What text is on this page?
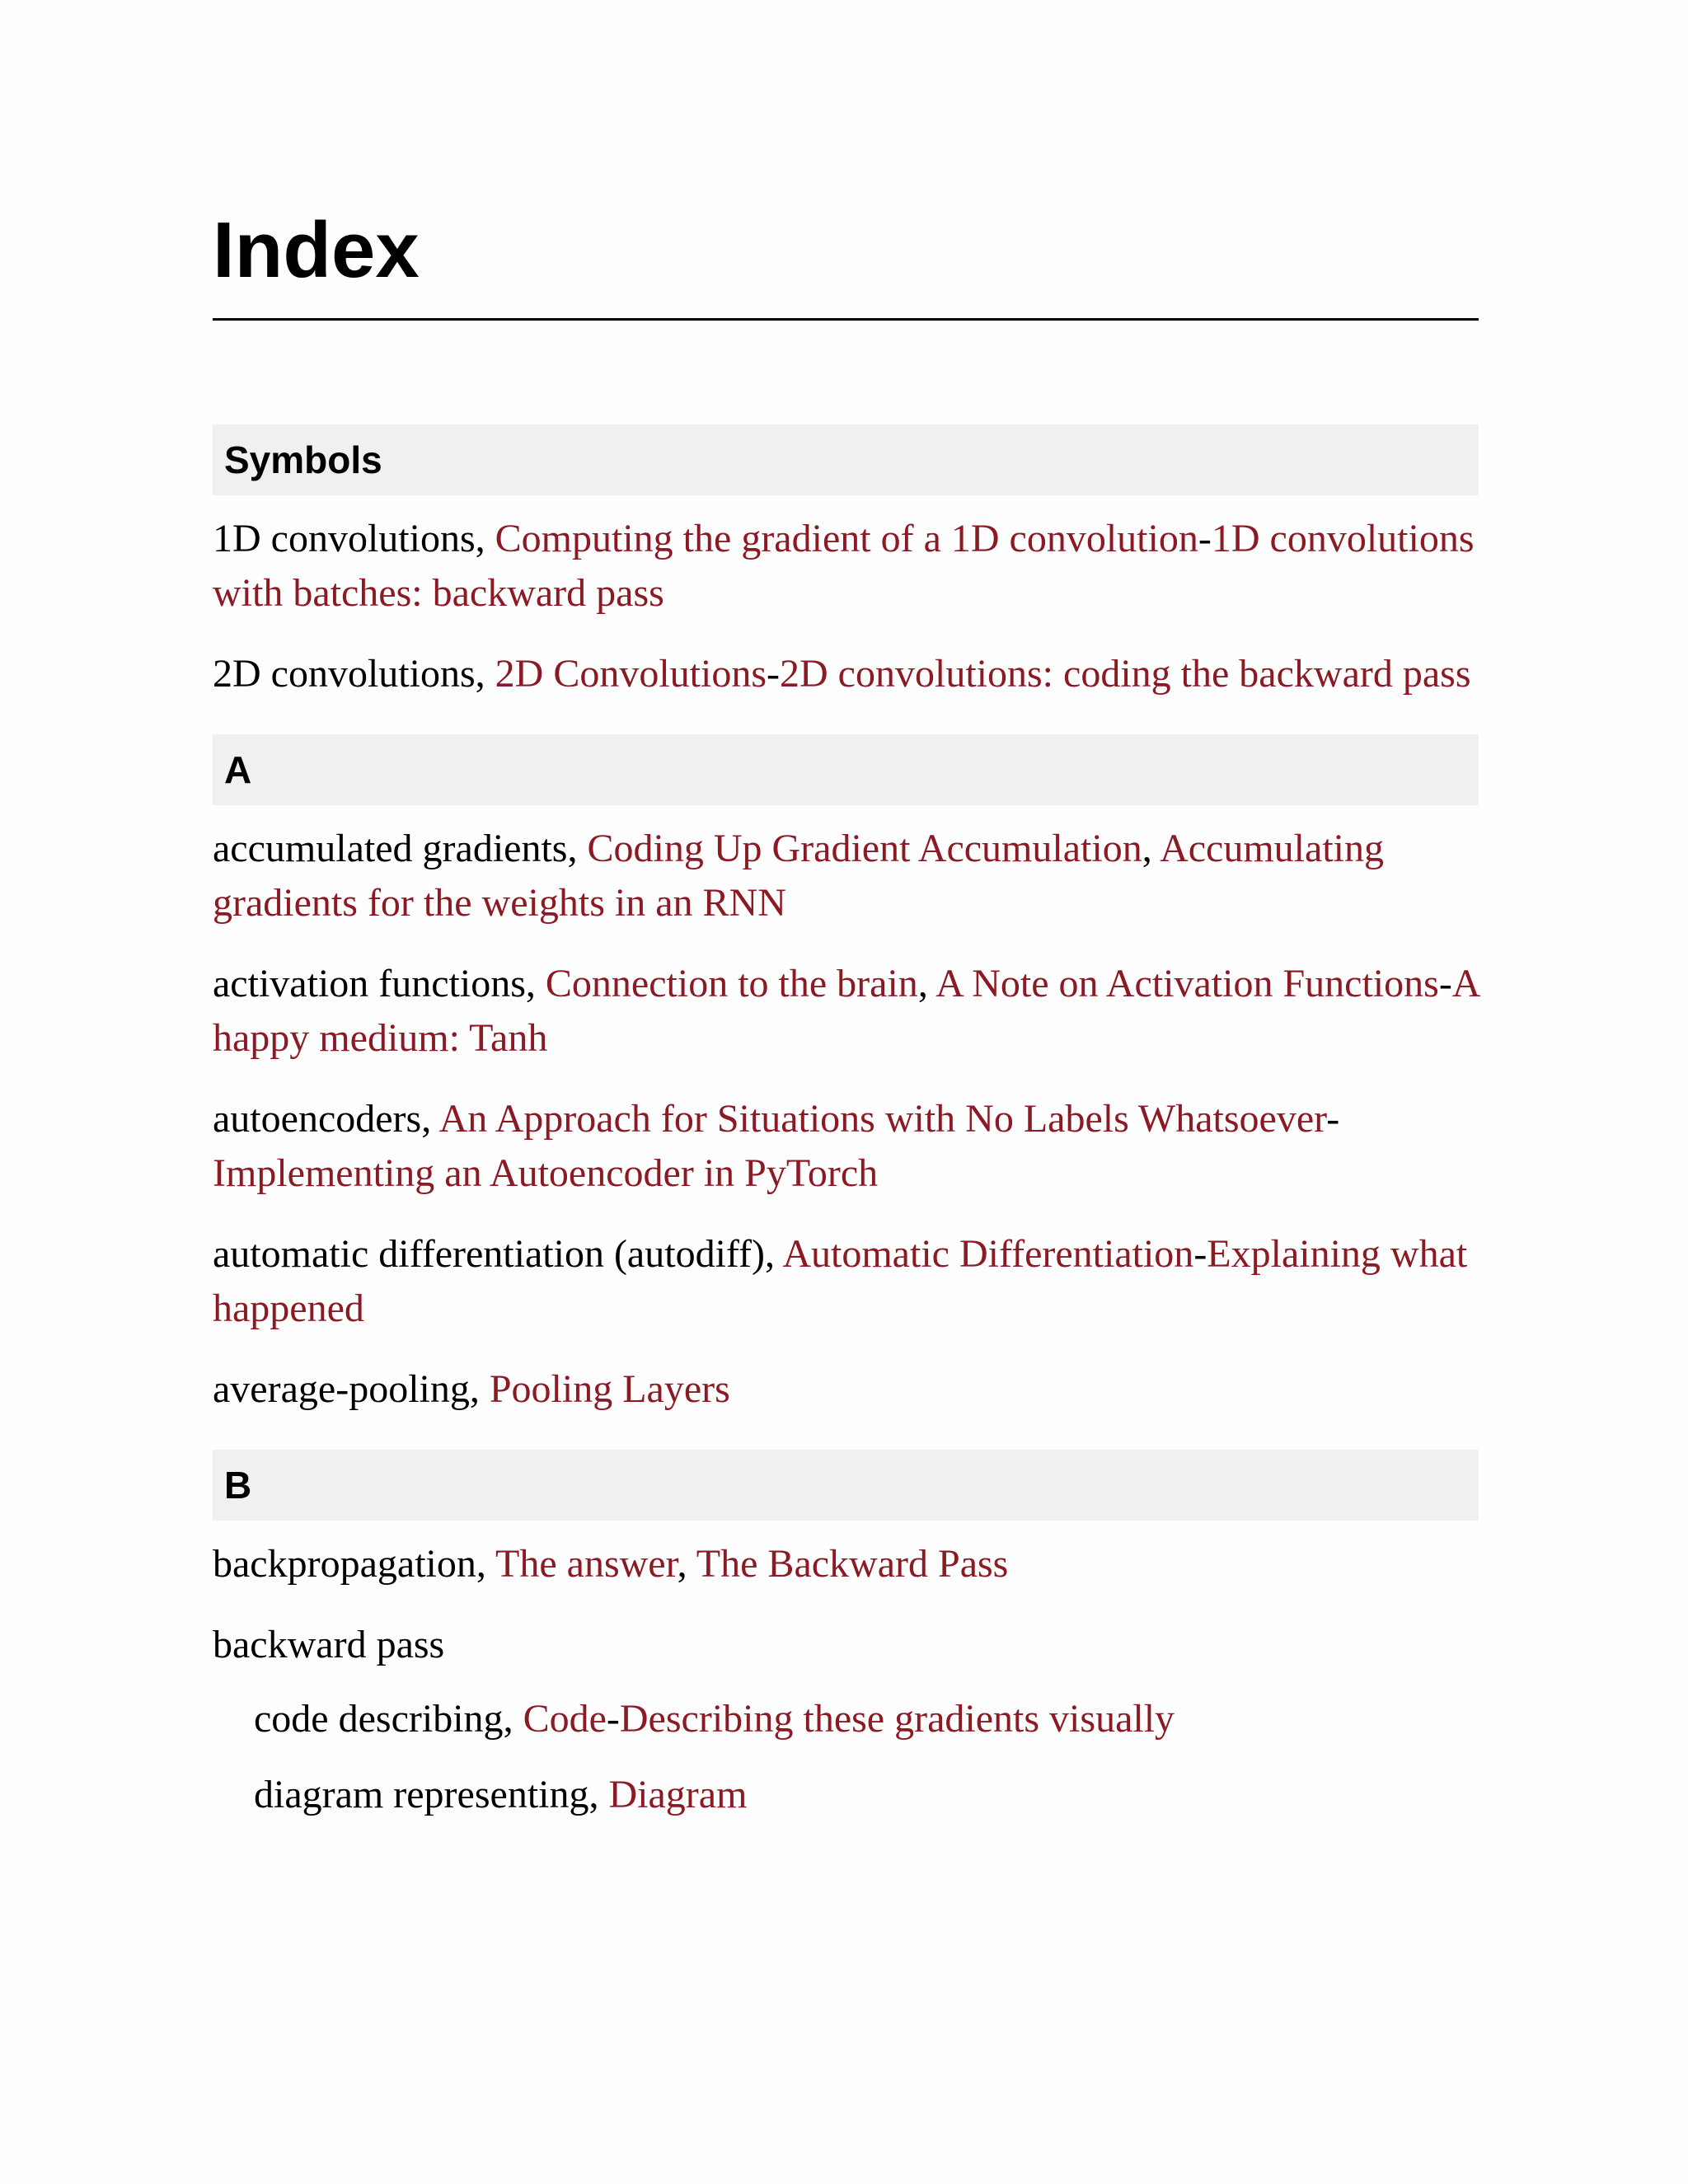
Index
Symbols

1D convolutions, Computing the gradient of a 1D convolution-1D convolutions with batches: backward pass

2D convolutions, 2D Convolutions-2D convolutions: coding the backward pass

A

accumulated gradients, Coding Up Gradient Accumulation, Accumulating gradients for the weights in an RNN

activation functions, Connection to the brain, A Note on Activation Functions-A happy medium: Tanh

autoencoders, An Approach for Situations with No Labels Whatsoever-Implementing an Autoencoder in PyTorch

automatic differentiation (autodiff), Automatic Differentiation-Explaining what happened

average-pooling, Pooling Layers

B

backpropagation, The answer, The Backward Pass

backward pass

code describing, Code-Describing these gradients visually

diagram representing, Diagram
